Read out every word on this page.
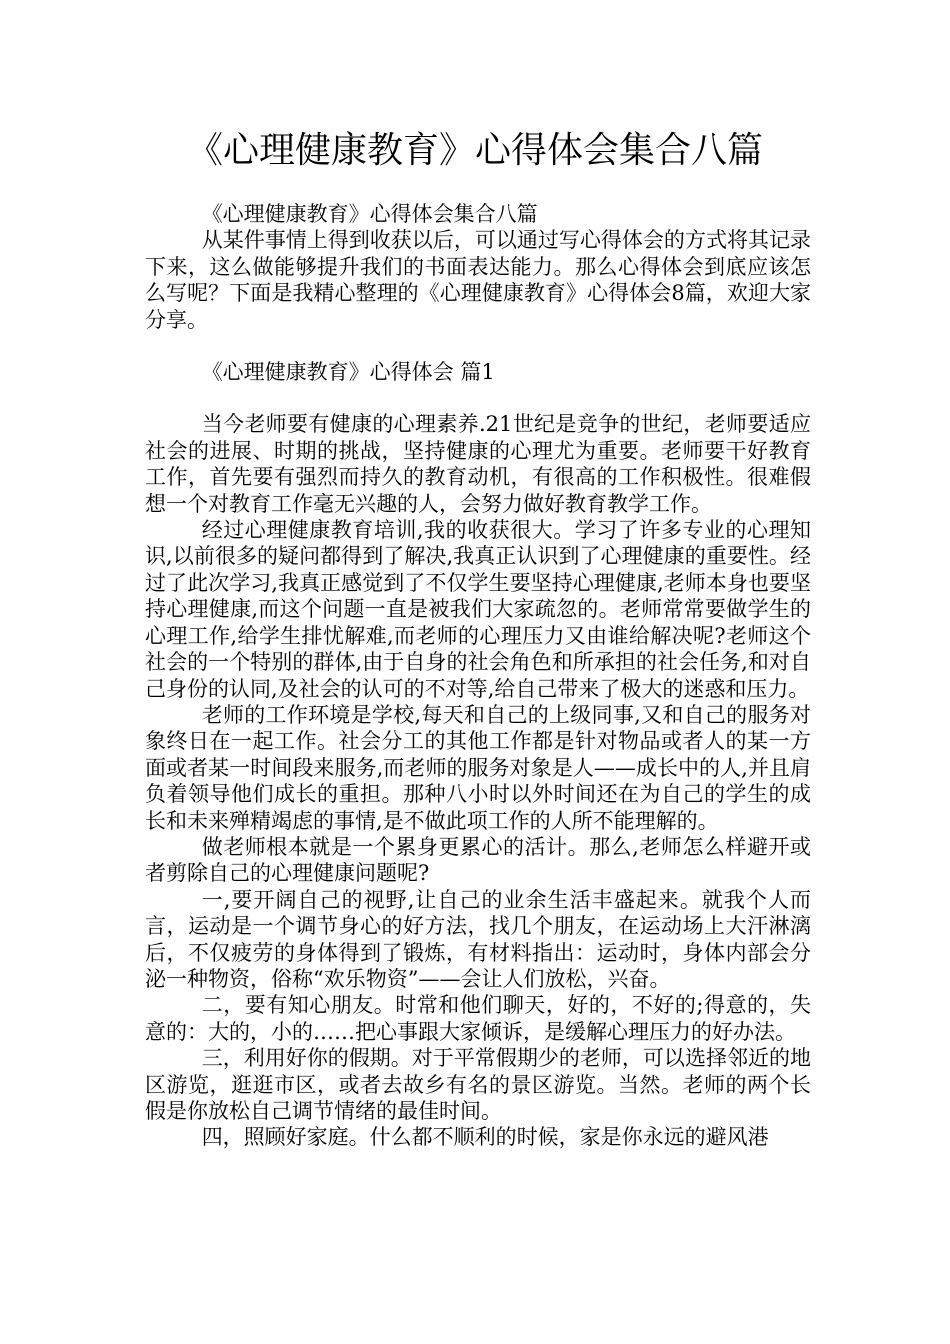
《心理健康教育》心得体会集合八篇

《心理健康教育》心得体会集合八篇

从某件事情上得到收获以后，可以通过写心得体会的方式将其记录下来，这么做能够提升我们的书面表达能力。那么心得体会到底应该怎么写呢？下面是我精心整理的《心理健康教育》心得体会8篇，欢迎大家分享。

《心理健康教育》心得体会 篇1

当今老师要有健康的心理素养.21世纪是竞争的世纪，老师要适应社会的进展、时期的挑战，坚持健康的心理尤为重要。老师要干好教育工作，首先要有强烈而持久的教育动机，有很高的工作积极性。很难假想一个对教育工作毫无兴趣的人，会努力做好教育教学工作。

经过心理健康教育培训,我的收获很大。学习了许多专业的心理知识,以前很多的疑问都得到了解决,我真正认识到了心理健康的重要性。经过了此次学习,我真正感觉到了不仅学生要坚持心理健康,老师本身也要坚持心理健康,而这个问题一直是被我们大家疏忽的。老师常常要做学生的心理工作,给学生排忧解难,而老师的心理压力又由谁给解决呢?老师这个社会的一个特别的群体,由于自身的社会角色和所承担的社会任务,和对自己身份的认同,及社会的认可的不对等,给自己带来了极大的迷惑和压力。

老师的工作环境是学校,每天和自己的上级同事,又和自己的服务对象终日在一起工作。社会分工的其他工作都是针对物品或者人的某一方面或者某一时间段来服务,而老师的服务对象是人——成长中的人,并且肩负着领导他们成长的重担。那种八小时以外时间还在为自己的学生的成长和未来殚精竭虑的事情,是不做此项工作的人所不能理解的。

做老师根本就是一个累身更累心的活计。那么,老师怎么样避开或者剪除自己的心理健康问题呢?

一,要开阔自己的视野,让自己的业余生活丰盛起来。就我个人而言，运动是一个调节身心的好方法，找几个朋友，在运动场上大汗淋漓后，不仅疲劳的身体得到了锻炼，有材料指出：运动时，身体内部会分泌一种物资，俗称“欢乐物资”——会让人们放松，兴奋。

二，要有知心朋友。时常和他们聊天，好的，不好的;得意的，失意的：大的，小的……把心事跟大家倾诉，是缓解心理压力的好办法。

三，利用好你的假期。对于平常假期少的老师，可以选择邻近的地区游览，逛逛市区，或者去故乡有名的景区游览。当然。老师的两个长假是你放松自己调节情绪的最佳时间。

四，照顾好家庭。什么都不顺利的时候，家是你永远的避风港
